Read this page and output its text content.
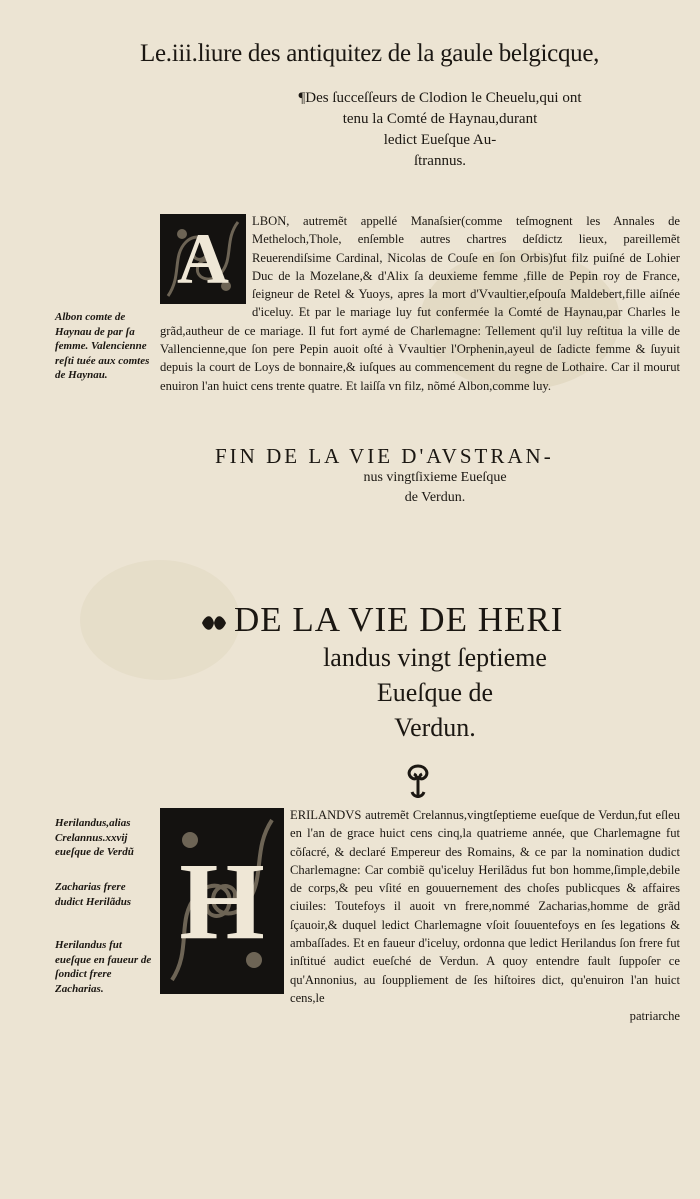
Le.iii.liure des antiquitez de la gaule belgicque,
¶Des ſucceſſeurs de Clodion le Cheuelu,qui ont
tenu la Comté de Haynau,durant
ledict Eueſque Au-
ſtrannus.
A	LBON, autremẽt appellé Manaſsier(comme teſmognent les Annales de Metheloch,Thole, enſemble autres chartres deſdictz lieux, pareillemẽt Reuerendiſsime Cardinal, Nicolas de Couſe en ſon Orbis)fut filz puiſné de Lohier Duc de la Mozelane,& d'Alix ſa deuxieme femme ,fille de Pepin roy de France, ſeigneur de Retel & Yuoys, apres la mort d'Vvaultier,eſpouſa Maldebert,fille aiſnée d'iceluy. Et par le mariage luy fut confermée la Comté de Haynau,par Charles le grãd,autheur de ce mariage. Il fut fort aymé de Charlemagne: Tellement qu'il luy reſtitua la ville de Vallencienne,que ſon pere Pepin auoit oſté à Vvaultier l'Orphenin,ayeul de ſadicte femme & ſuyuit depuis la court de Loys de bonnaire,& iuſques au commencement du regne de Lothaire. Car il mourut enuiron l'an huict cens trente quatre. Et laiſſa vn filz, nõmé Albon,comme luy.
Albon comte de Haynau de par ſa femme. Valencienne reſti tuée aux comtes de Haynau.
FIN DE LA VIE D'AVSTRAN-
nus vingtſixieme Eueſque
de Verdun.
DE LA VIE DE HERI
landus vingt ſeptieme
Eueſque de
Verdun.
H
ERILANDVS autremẽt Crelannus,vingtſeptieme eueſque de Verdun,fut eſleu en l'an de grace huict cens cinq,la quatrieme année, que Charlemagne fut cõſacré, & declaré Empereur des Romains, & ce par la nomination dudict Charlemagne: Car combiẽ qu'iceluy Herilãdus fut bon homme,ſimple,debile de corps,& peu vſité en gouuernement des choſes publicques & affaires ciuiles: Toutefoys il auoit vn frere,nommé Zacharias,homme de grãd ſçauoir,& duquel ledict Charlemagne vſoit ſouuentefoys en ſes legations & ambaſſades. Et en faueur d'iceluy, ordonna que ledict Herilandus ſon frere fut inſtitué audict eueſché de Verdun. A quoy entendre fault ſuppoſer ce qu'Annonius, au ſouppliement de ſes hiſtoires dict, qu'enuiron l'an huict cens,le
patriarche
Herilandus,alias Crelannus.xxvij eueſque de Verdũ
Zacharias frere dudict Herilãdus
Herilandus fut eueſque en faueur de ſondict frere Zacharias.
